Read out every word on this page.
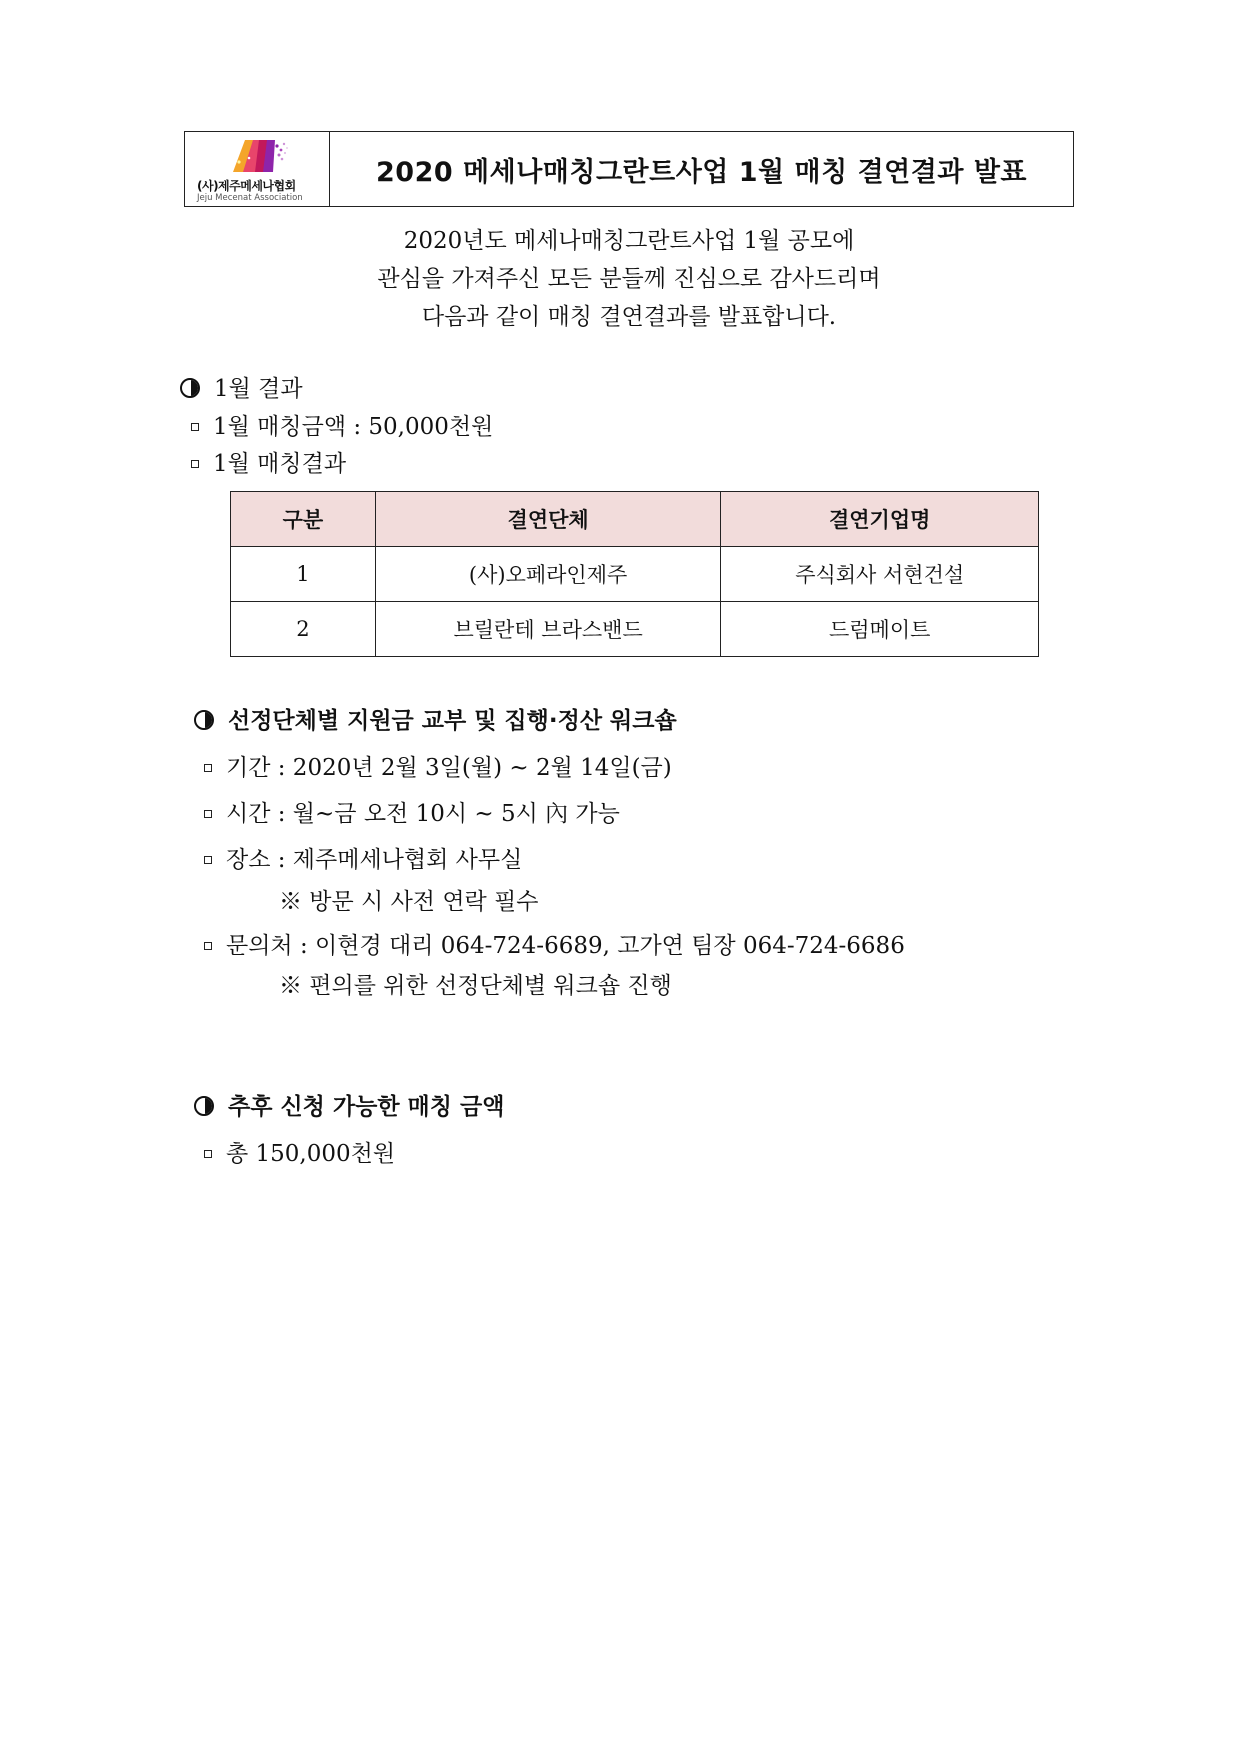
(사)제주메세나협회
Jeju Mecenat Association
2020 메세나매칭그란트사업 1월 매칭 결연결과 발표
2020년도 메세나매칭그란트사업 1월 공모에
관심을 가져주신 모든 분들께 진심으로 감사드리며
다음과 같이 매칭 결연결과를 발표합니다.
1월 결과
1월 매칭금액 : 50,000천원
1월 매칭결과
구분	결연단체	결연기업명
1	(사)오페라인제주	주식회사 서현건설
2	브릴란테 브라스밴드	드럼메이트
선정단체별 지원금 교부 및 집행·정산 워크숍
기간 : 2020년 2월 3일(월) ~ 2월 14일(금)
시간 : 월~금 오전 10시 ~ 5시 內 가능
장소 : 제주메세나협회 사무실
※ 방문 시 사전 연락 필수
문의처 : 이현경 대리 064-724-6689, 고가연 팀장 064-724-6686
※ 편의를 위한 선정단체별 워크숍 진행
추후 신청 가능한 매칭 금액
총 150,000천원
